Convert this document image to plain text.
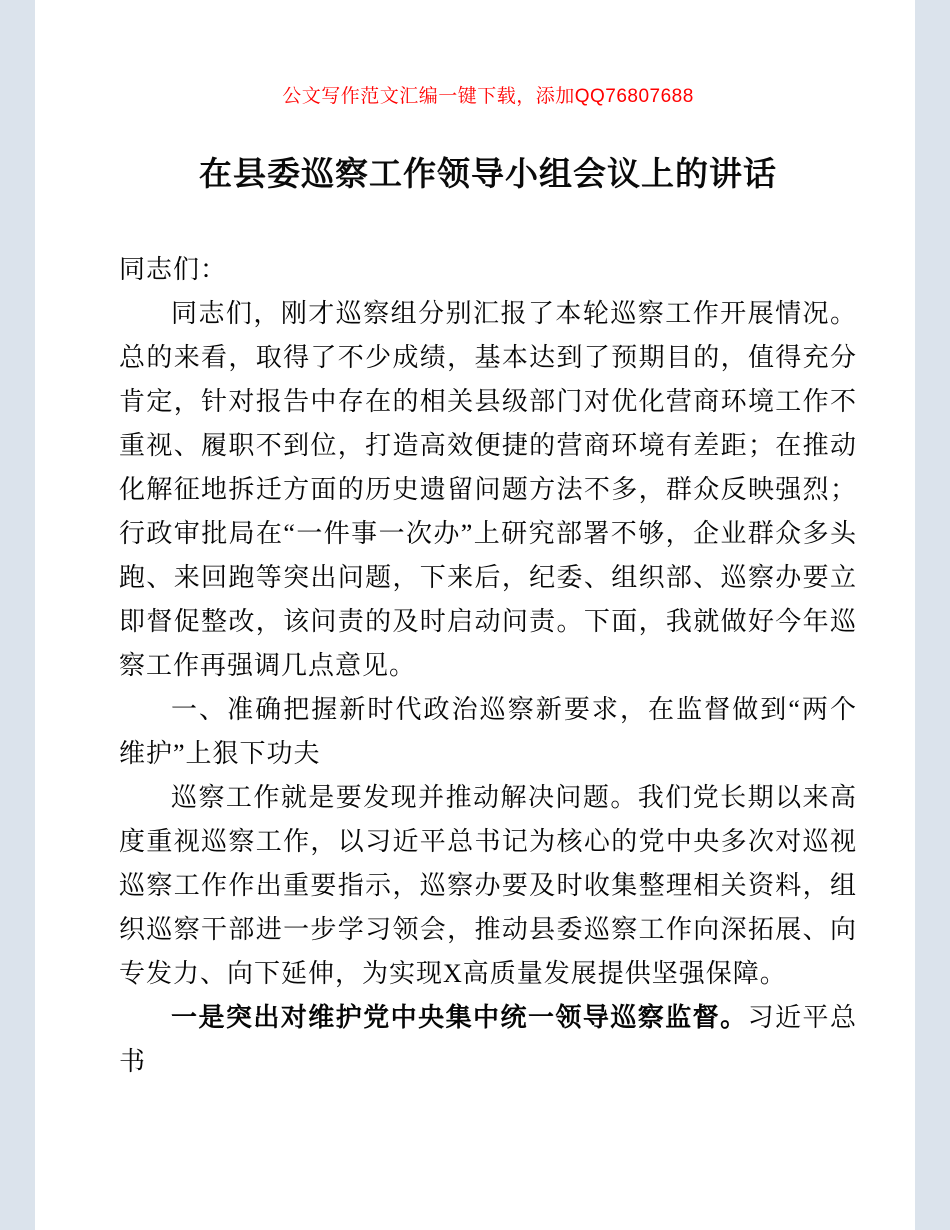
公文写作范文汇编一键下载，添加QQ76807688
在县委巡察工作领导小组会议上的讲话

同志们：

同志们，刚才巡察组分别汇报了本轮巡察工作开展情况。总的来看，取得了不少成绩，基本达到了预期目的，值得充分肯定，针对报告中存在的相关县级部门对优化营商环境工作不重视、履职不到位，打造高效便捷的营商环境有差距；在推动化解征地拆迁方面的历史遗留问题方法不多，群众反映强烈；行政审批局在“一件事一次办”上研究部署不够，企业群众多头跑、来回跑等突出问题，下来后，纪委、组织部、巡察办要立即督促整改，该问责的及时启动问责。下面，我就做好今年巡察工作再强调几点意见。

一、准确把握新时代政治巡察新要求，在监督做到“两个维护”上狠下功夫

巡察工作就是要发现并推动解决问题。我们党长期以来高度重视巡察工作，以习近平总书记为核心的党中央多次对巡视巡察工作作出重要指示，巡察办要及时收集整理相关资料，组织巡察干部进一步学习领会，推动县委巡察工作向深拓展、向专发力、向下延伸，为实现X高质量发展提供坚强保障。

一是突出对维护党中央集中统一领导巡察监督。习近平总书
